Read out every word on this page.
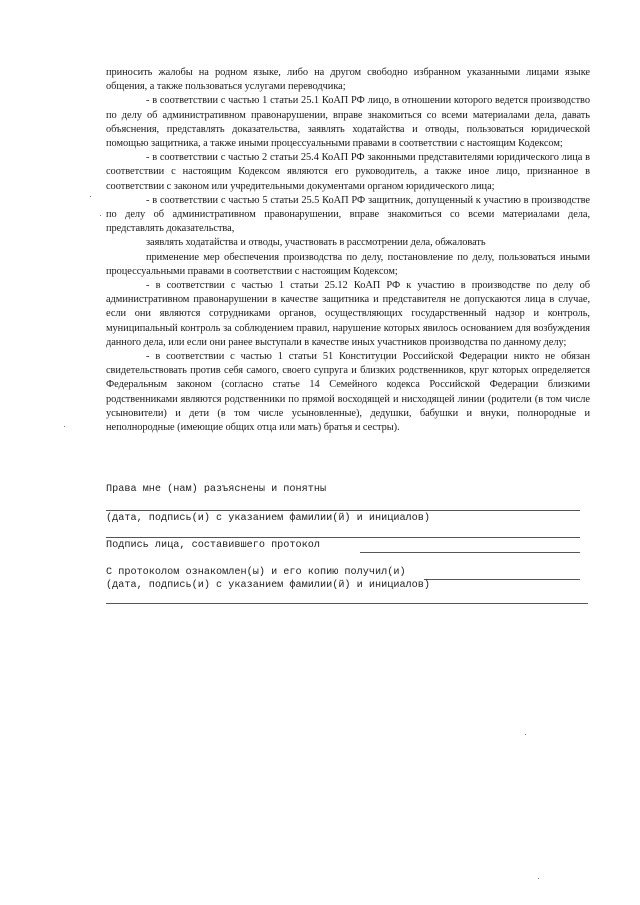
приносить жалобы на родном языке, либо на другом свободно избранном указанными лицами языке общения, а также пользоваться услугами переводчика;

- в соответствии с частью 1 статьи 25.1 КоАП РФ лицо, в отношении которого ведется производство по делу об административном правонарушении, вправе знакомиться со всеми материалами дела, давать объяснения, представлять доказательства, заявлять ходатайства и отводы, пользоваться юридической помощью защитника, а также иными процессуальными правами в соответствии с настоящим Кодексом;

- в соответствии с частью 2 статьи 25.4 КоАП РФ законными представителями юридического лица в соответствии с настоящим Кодексом являются его руководитель, а также иное лицо, признанное в соответствии с законом или учредительными документами органом юридического лица;

- в соответствии с частью 5 статьи 25.5 КоАП РФ защитник, допущенный к участию в производстве по делу об административном правонарушении, вправе знакомиться со всеми материалами дела, представлять доказательства,

заявлять ходатайства и отводы, участвовать в рассмотрении дела, обжаловать

применение мер обеспечения производства по делу, постановление по делу, пользоваться иными процессуальными правами в соответствии с настоящим Кодексом;

- в соответствии с частью 1 статьи 25.12 КоАП РФ к участию в производстве по делу об административном правонарушении в качестве защитника и представителя не допускаются лица в случае, если они являются сотрудниками органов, осуществляющих государственный надзор и контроль, муниципальный контроль за соблюдением правил, нарушение которых явилось основанием для возбуждения данного дела, или если они ранее выступали в качестве иных участников производства по данному делу;

- в соответствии с частью 1 статьи 51 Конституции Российской Федерации никто не обязан свидетельствовать против себя самого, своего супруга и близких родственников, круг которых определяется Федеральным законом (согласно статье 14 Семейного кодекса Российской Федерации близкими родственниками являются родственники по прямой восходящей и нисходящей линии (родители (в том числе усыновители) и дети (в том числе усыновленные), дедушки, бабушки и внуки, полнородные и неполнородные (имеющие общих отца или мать) братья и сестры).

Права мне (нам) разъяснены и понятны
(дата, подпись(и) с указанием фамилии(й) и инициалов)
Подпись лица, составившего протокол
С протоколом ознакомлен(ы) и его копию получил(и)
(дата, подпись(и) с указанием фамилии(й) и инициалов)
